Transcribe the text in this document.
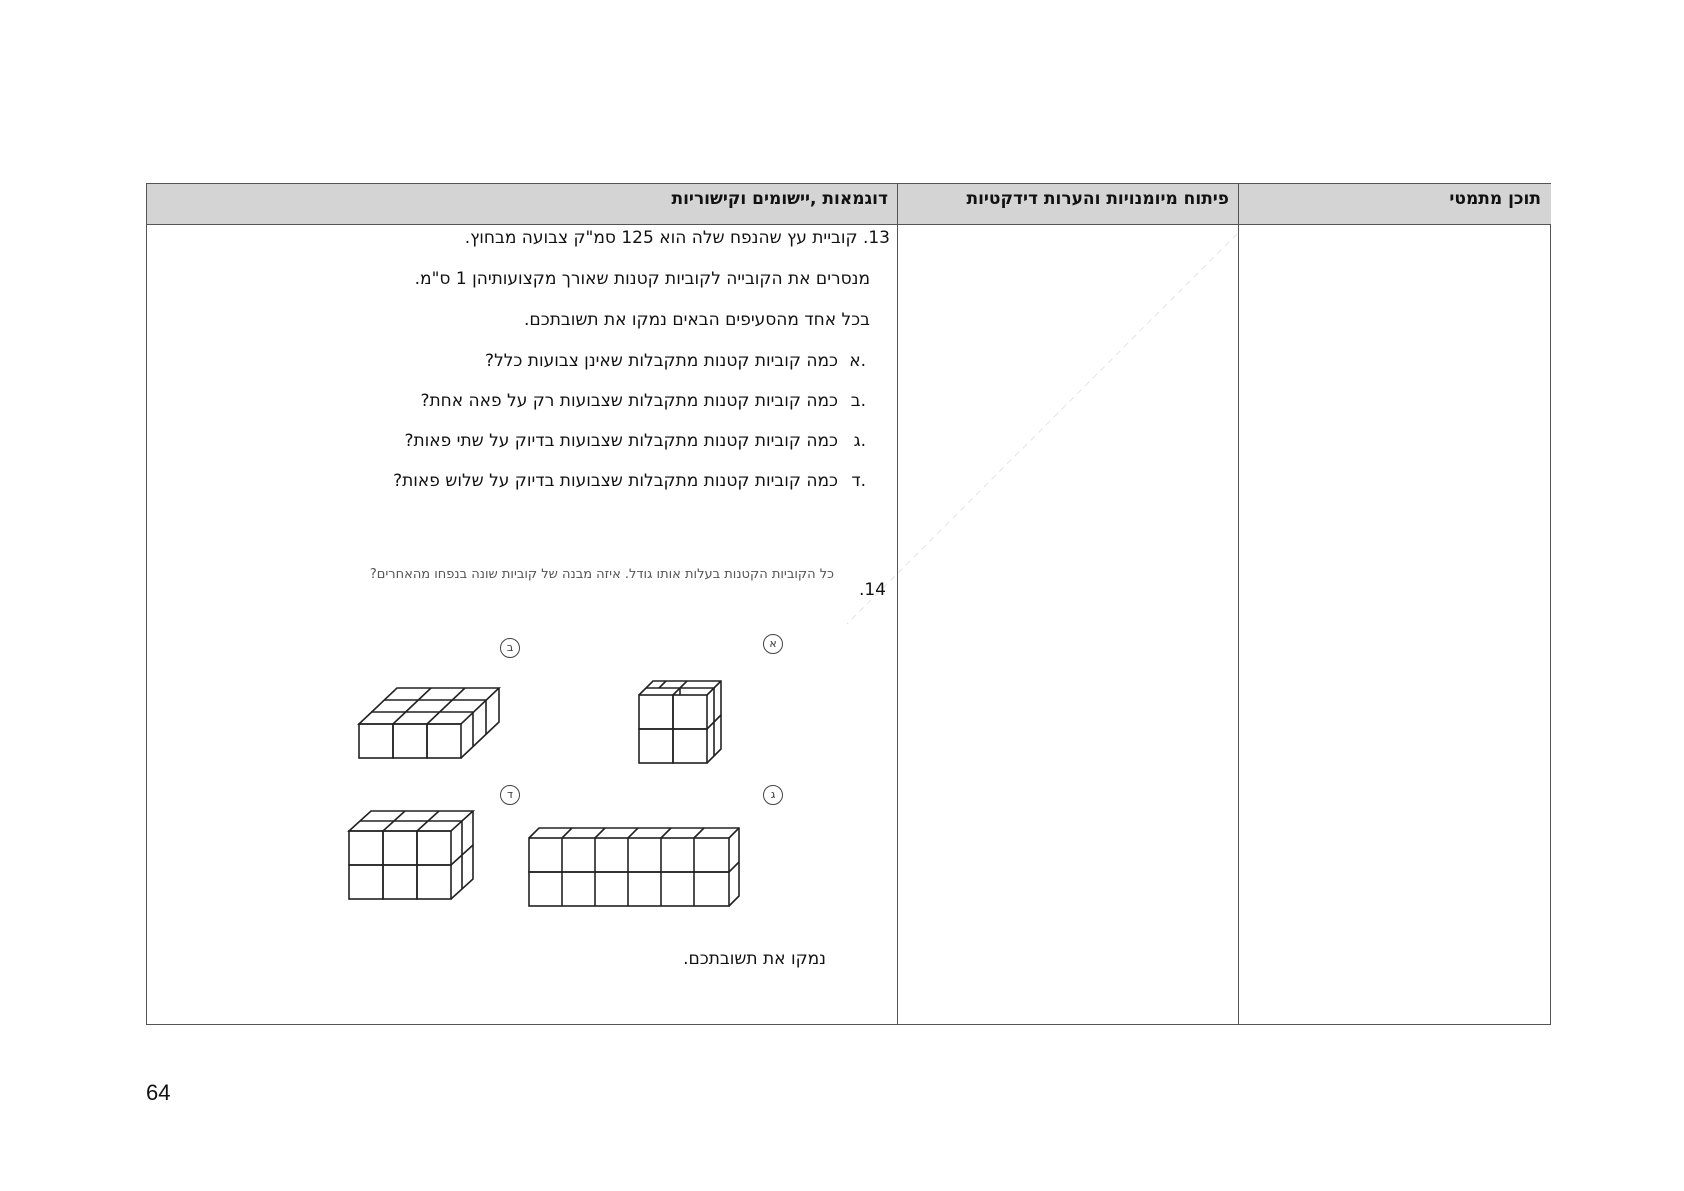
תוכן מתמטי
פיתוח מיומנויות והערות דידקטיות
דוגמאות ,יישומים וקישוריות
13. קוביית עץ שהנפח שלה הוא 125 סמ"ק צבועה מבחוץ.
מנסרים את הקובייה לקוביות קטנות שאורך מקצועותיהן 1 ס"מ.
בכל אחד מהסעיפים הבאים נמקו את תשובתכם.
א.
כמה קוביות קטנות מתקבלות שאינן צבועות כלל?
ב.
כמה קוביות קטנות מתקבלות שצבועות רק על פאה אחת?
ג.
כמה קוביות קטנות מתקבלות שצבועות בדיוק על שתי פאות?
ד.
כמה קוביות קטנות מתקבלות שצבועות בדיוק על שלוש פאות?
.14
כל הקוביות הקטנות בעלות אותו גודל. איזה מבנה של קוביות שונה בנפחו מהאחרים?
א
ב
ג
ד
נמקו את תשובתכם.
64
